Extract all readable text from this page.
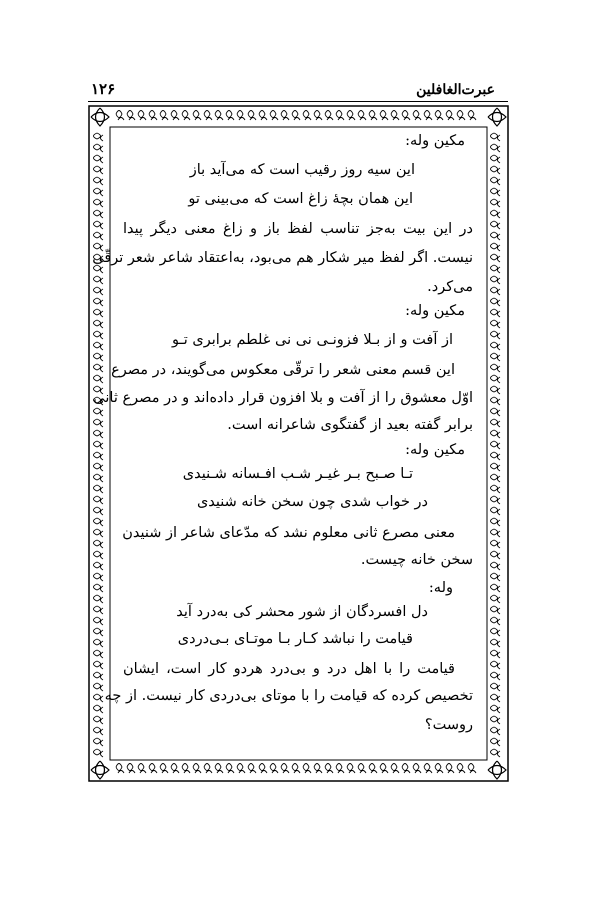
عبرت‌الغافلین
۱۲۶
مکین وله:
این سیه روز رقیب است که می‌آید باز
این همان بچهٔ زاغ است که می‌بینی تو
در این بیت به‌جز تناسب لفظ باز و زاغ معنی دیگر پیدا
نیست. اگر لفظ میر شکار هم می‌بود، به‌اعتقاد شاعر شعر ترقّی
می‌کرد.
مکین وله:
از آفت و از بـلا فزونـی نی نی غلطم برابری تـو
این قسم معنی شعر را ترقّی معکوس می‌گویند، در مصرع
اوّل معشوق را از آفت و بلا افزون قرار داده‌اند و در مصرع ثانی
برابر گفته بعید از گفتگوی شاعرانه است.
مکین وله:
تـا صـبح بـر غیـر شـب افـسانه شـنیدی
در خواب شدی چون سخن خانه شنیدی
معنی مصرع ثانی معلوم نشد که مدّعای شاعر از شنیدن
سخن خانه چیست.
وله:
دل افسردگان از شور محشر کی به‌درد آید
قیامت را نباشد کـار بـا موتـای بـی‌دردی
قیامت را با اهل درد و بی‌درد هردو کار است، ایشان
تخصیص کرده که قیامت را با موتای بی‌دردی کار نیست. از چه
روست؟
